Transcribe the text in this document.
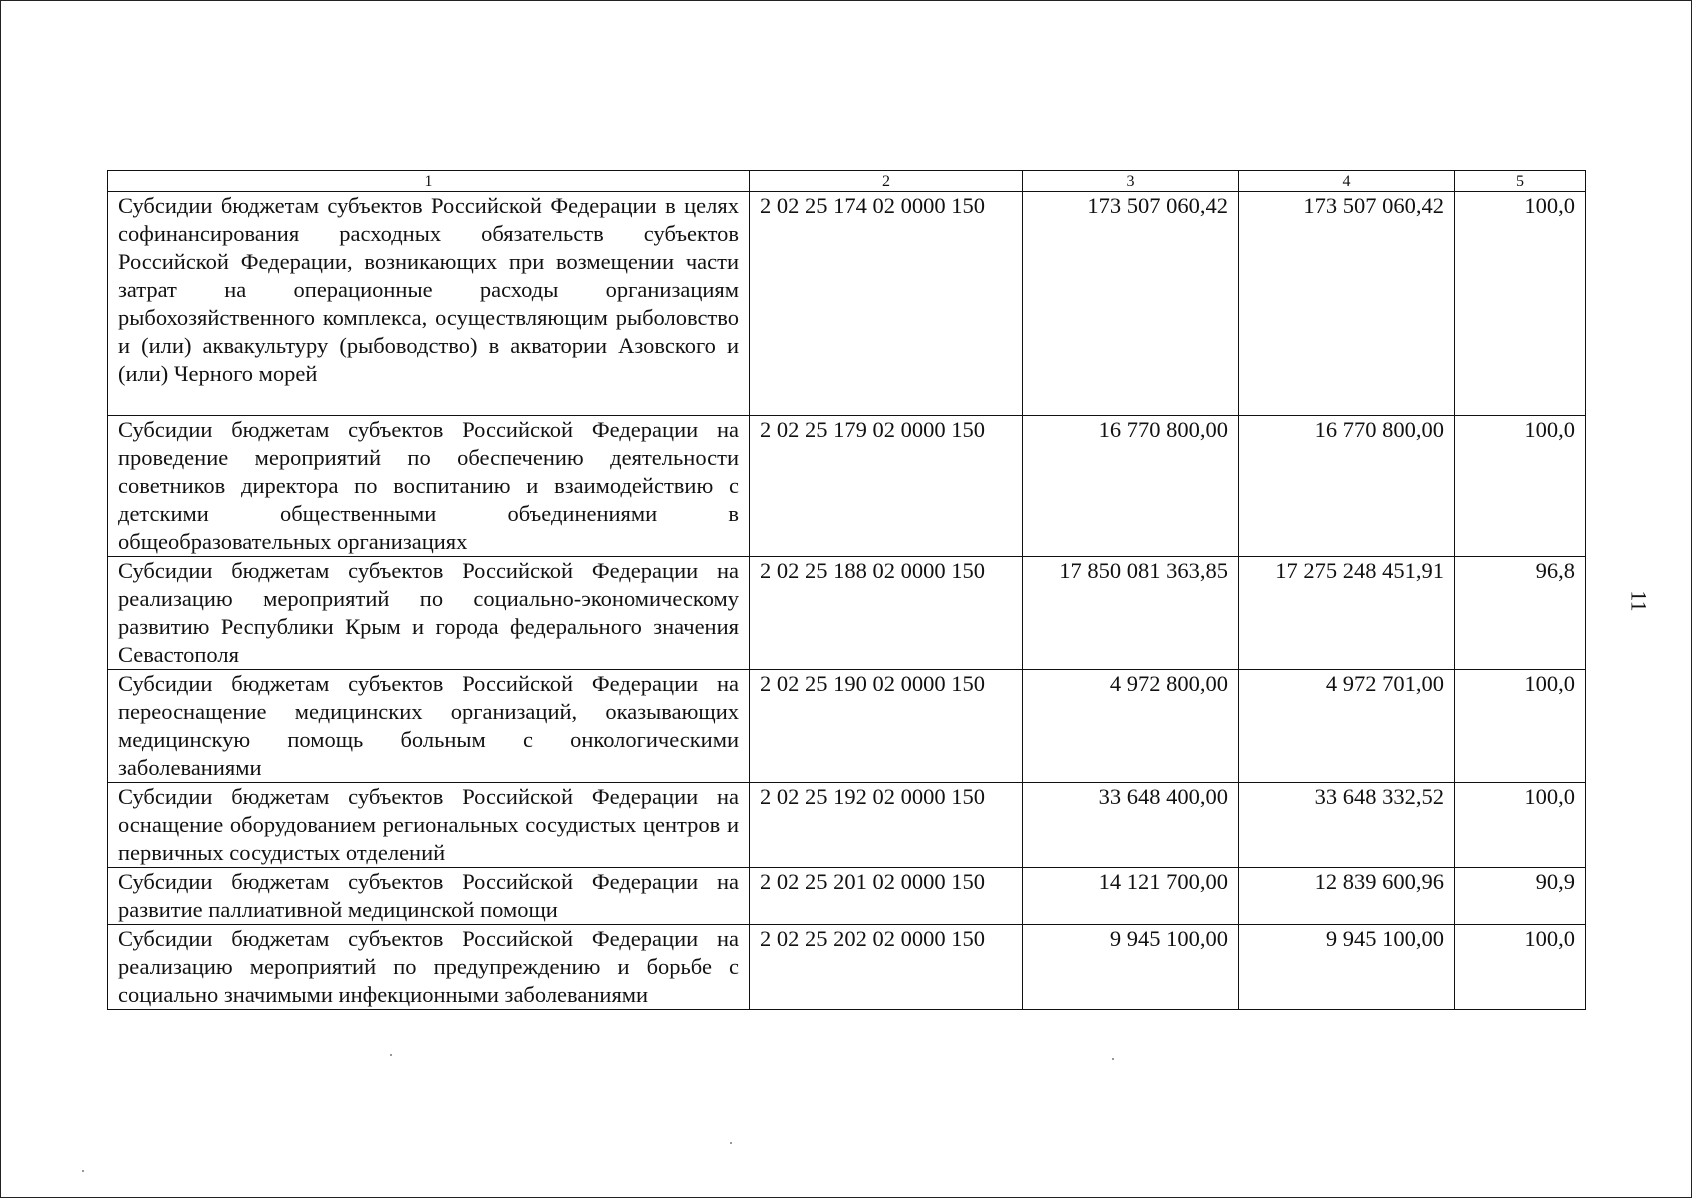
1	2	3	4	5
Субсидии бюджетам субъектов Российской Федерации в целях софинансирования расходных обязательств субъектов Российской Федерации, возникающих при возмещении части затрат на операционные расходы организациям рыбохозяйственного комплекса, осуществляющим рыболовство и (или) аквакультуру (рыбоводство) в акватории Азовского и (или) Черного морей	2 02 25 174 02 0000 150	173 507 060,42	173 507 060,42	100,0
Субсидии бюджетам субъектов Российской Федерации на проведение мероприятий по обеспечению деятельности советников директора по воспитанию и взаимодействию с детскими общественными объединениями в общеобразовательных организациях	2 02 25 179 02 0000 150	16 770 800,00	16 770 800,00	100,0
Субсидии бюджетам субъектов Российской Федерации на реализацию мероприятий по социально-экономическому развитию Республики Крым и города федерального значения Севастополя	2 02 25 188 02 0000 150	17 850 081 363,85	17 275 248 451,91	96,8
Субсидии бюджетам субъектов Российской Федерации на переоснащение медицинских организаций, оказывающих медицинскую помощь больным с онкологическими заболеваниями	2 02 25 190 02 0000 150	4 972 800,00	4 972 701,00	100,0
Субсидии бюджетам субъектов Российской Федерации на оснащение оборудованием региональных сосудистых центров и первичных сосудистых отделений	2 02 25 192 02 0000 150	33 648 400,00	33 648 332,52	100,0
Субсидии бюджетам субъектов Российской Федерации на развитие паллиативной медицинской помощи	2 02 25 201 02 0000 150	14 121 700,00	12 839 600,96	90,9
Субсидии бюджетам субъектов Российской Федерации на реализацию мероприятий по предупреждению и борьбе с социально значимыми инфекционными заболеваниями	2 02 25 202 02 0000 150	9 945 100,00	9 945 100,00	100,0
11
